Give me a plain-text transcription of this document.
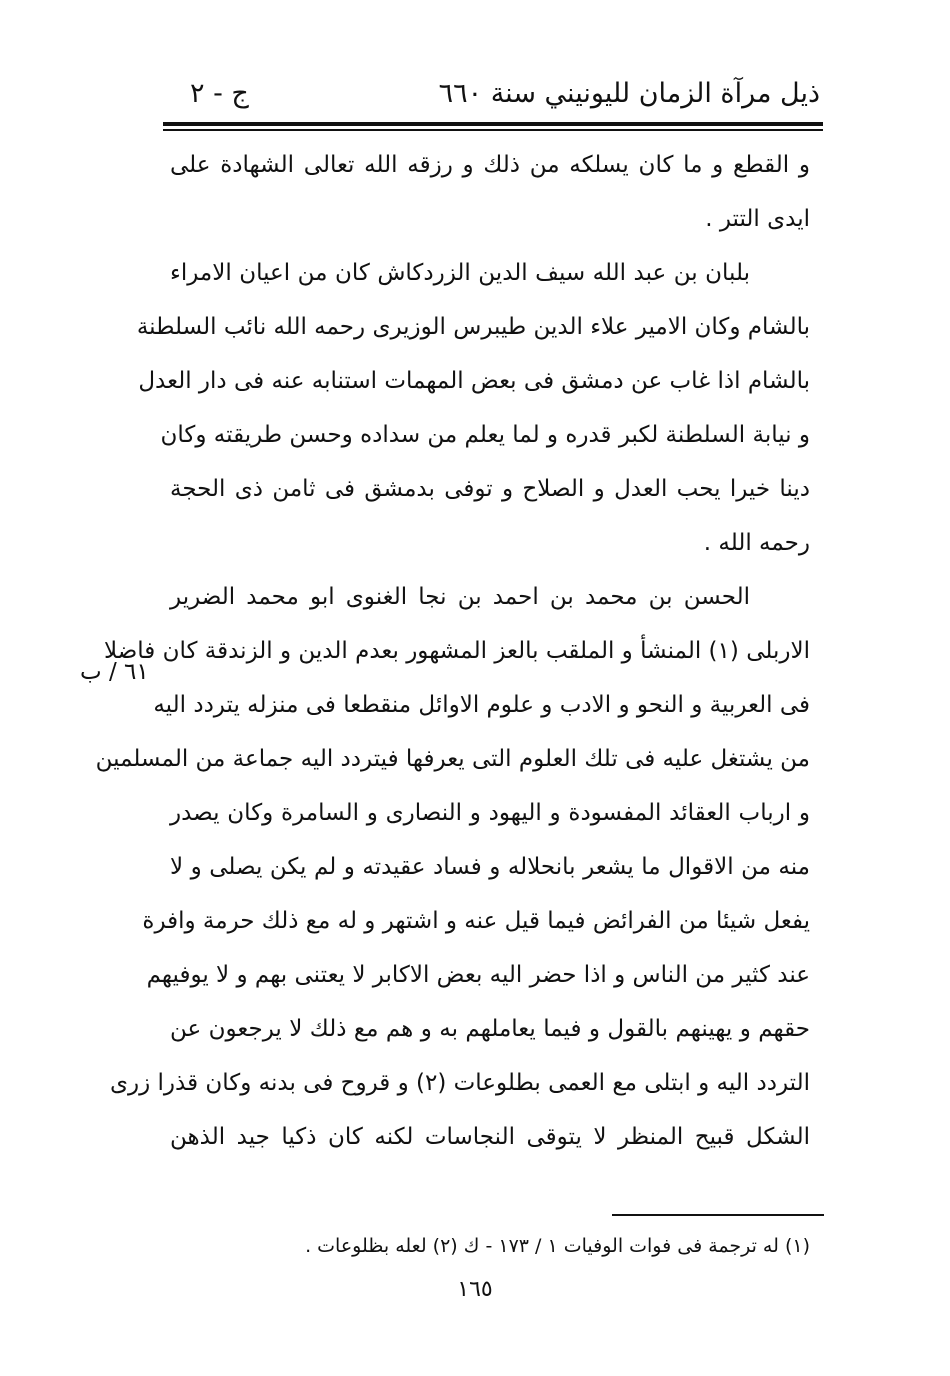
ذيل مرآة الزمان لليونيني سنة ٦٦٠
ج - ٢
و القطع و ما كان يسلكه من ذلك و رزقه الله تعالى الشهادة على
ايدى التتر .
بلبان بن عبد الله سيف الدين الزردكاش كان من اعيان الامراء
بالشام وكان الامير علاء الدين طيبرس الوزيرى رحمه الله نائب السلطنة
بالشام اذا غاب عن دمشق فى بعض المهمات استنابه عنه فى دار العدل
و نيابة السلطنة لكبر قدره و لما يعلم من سداده وحسن طريقته وكان
دينا خيرا يحب العدل و الصلاح و توفى بدمشق فى ثامن ذى الحجة
رحمه الله .
الحسن بن محمد بن احمد بن نجا الغنوى ابو محمد الضرير
الاربلى (١) المنشأ و الملقب بالعز المشهور بعدم الدين و الزندقة كان فاضلا
فى العربية و النحو و الادب و علوم الاوائل منقطعا فى منزله يتردد اليه
من يشتغل عليه فى تلك العلوم التى يعرفها فيتردد اليه جماعة من المسلمين
و ارباب العقائد المفسودة و اليهود و النصارى و السامرة وكان يصدر
منه من الاقوال ما يشعر بانحلاله و فساد عقيدته و لم يكن يصلى و لا
يفعل شيئا من الفرائض فيما قيل عنه و اشتهر و له مع ذلك حرمة وافرة
عند كثير من الناس و اذا حضر اليه بعض الاكابر لا يعتنى بهم و لا يوفيهم
حقهم و يهينهم بالقول و فيما يعاملهم به و هم مع ذلك لا يرجعون عن
التردد اليه و ابتلى مع العمى بطلوعات (٢) و قروح فى بدنه وكان قذرا زرى
الشكل قبيح المنظر لا يتوقى النجاسات لكنه كان ذكيا جيد الذهن
٦١ / ب
(١) له ترجمة فى فوات الوفيات ١ / ١٧٣ - ك (٢) لعله بظلوعات .
١٦٥
